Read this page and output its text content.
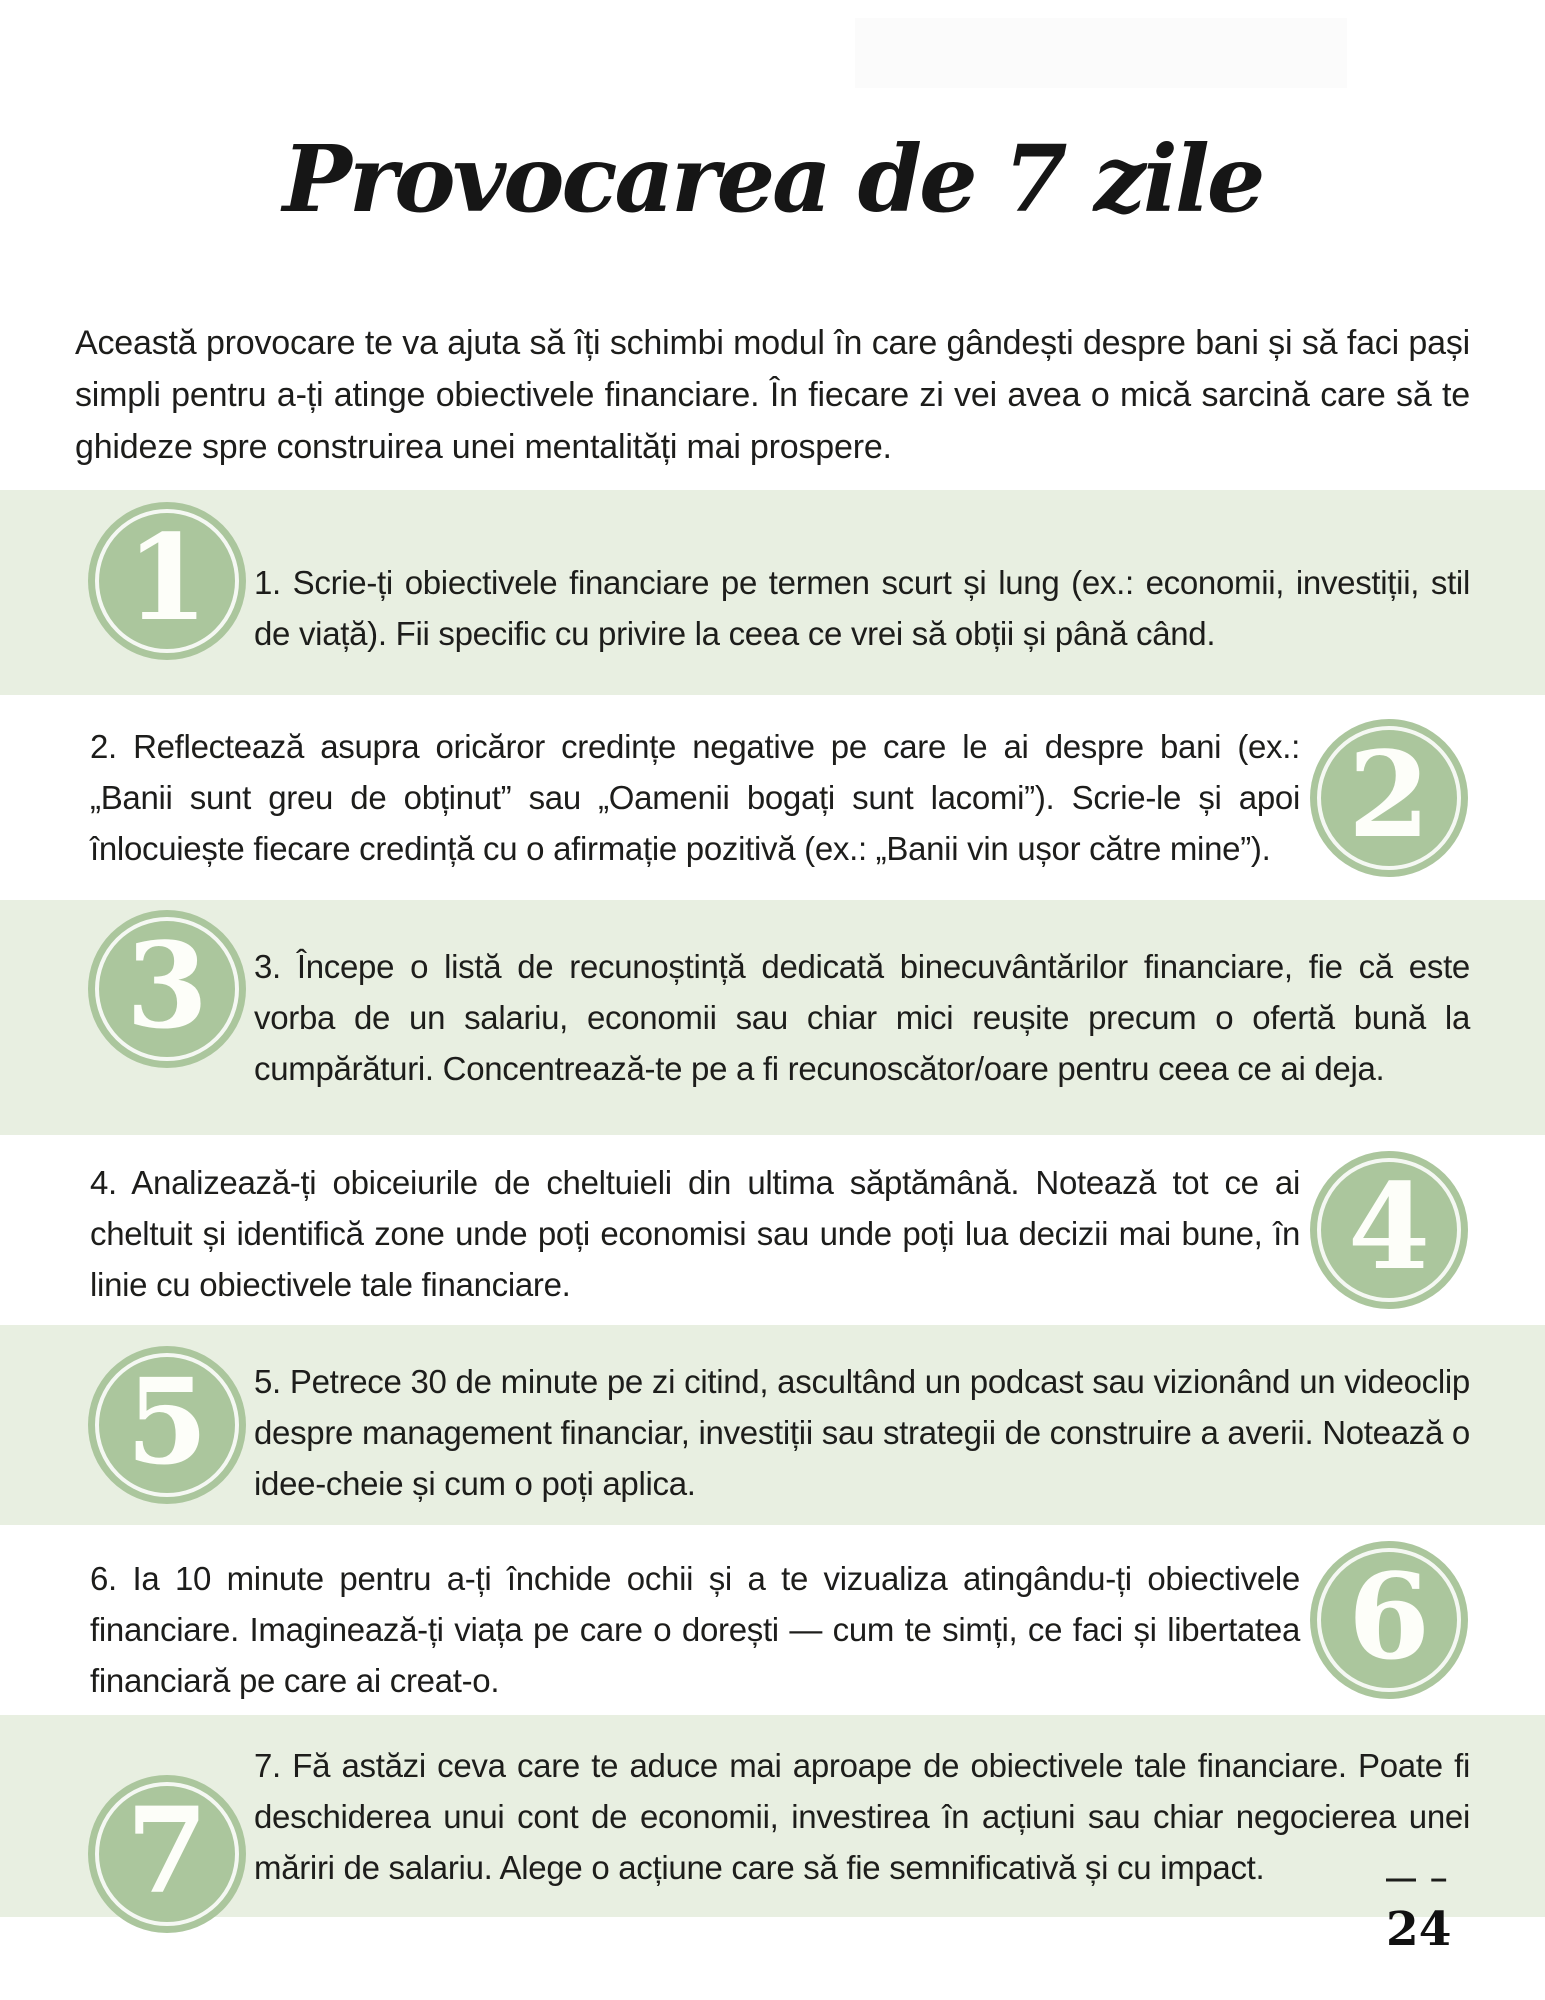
Provocarea de 7 zile

Această provocare te va ajuta să îți schimbi modul în care gândești despre bani și să faci pași simpli pentru a-ți atinge obiectivele financiare. În fiecare zi vei avea o mică sarcină care să te ghideze spre construirea unei mentalități mai prospere.

1 1. Scrie-ți obiectivele financiare pe termen scurt și lung (ex.: economii, investiții, stil de viață). Fii specific cu privire la ceea ce vrei să obții și până când.
2. Reflectează asupra oricăror credințe negative pe care le ai despre bani (ex.: „Banii sunt greu de obținut” sau „Oamenii bogați sunt lacomi”). Scrie-le și apoi înlocuiește fiecare credință cu o afirmație pozitivă (ex.: „Banii vin ușor către mine”). 2
3 3. Începe o listă de recunoștință dedicată binecuvântărilor financiare, fie că este vorba de un salariu, economii sau chiar mici reușite precum o ofertă bună la cumpărături. Concentrează-te pe a fi recunoscător/oare pentru ceea ce ai deja.
4. Analizează-ți obiceiurile de cheltuieli din ultima săptămână. Notează tot ce ai cheltuit și identifică zone unde poți economisi sau unde poți lua decizii mai bune, în linie cu obiectivele tale financiare.	4
5 5. Petrece 30 de minute pe zi citind, ascultând un podcast sau vizionând un videoclip despre management financiar, investiții sau strategii de construire a averii. Notează o idee-cheie și cum o poți aplica.
6. Ia 10 minute pentru a-ți închide ochii și a te vizualiza atingându-ți obiectivele financiare. Imaginează-ți viața pe care o dorești — cum te simți, ce faci și libertatea financiară pe care ai creat-o.	6
7
7. Fă astăzi ceva care te aduce mai aproape de obiectivele tale financiare. Poate fi deschiderea unui cont de economii, investirea în acțiuni sau chiar negocierea unei măriri de salariu. Alege o acțiune care să fie semnificativă și cu impact.	— –
24
